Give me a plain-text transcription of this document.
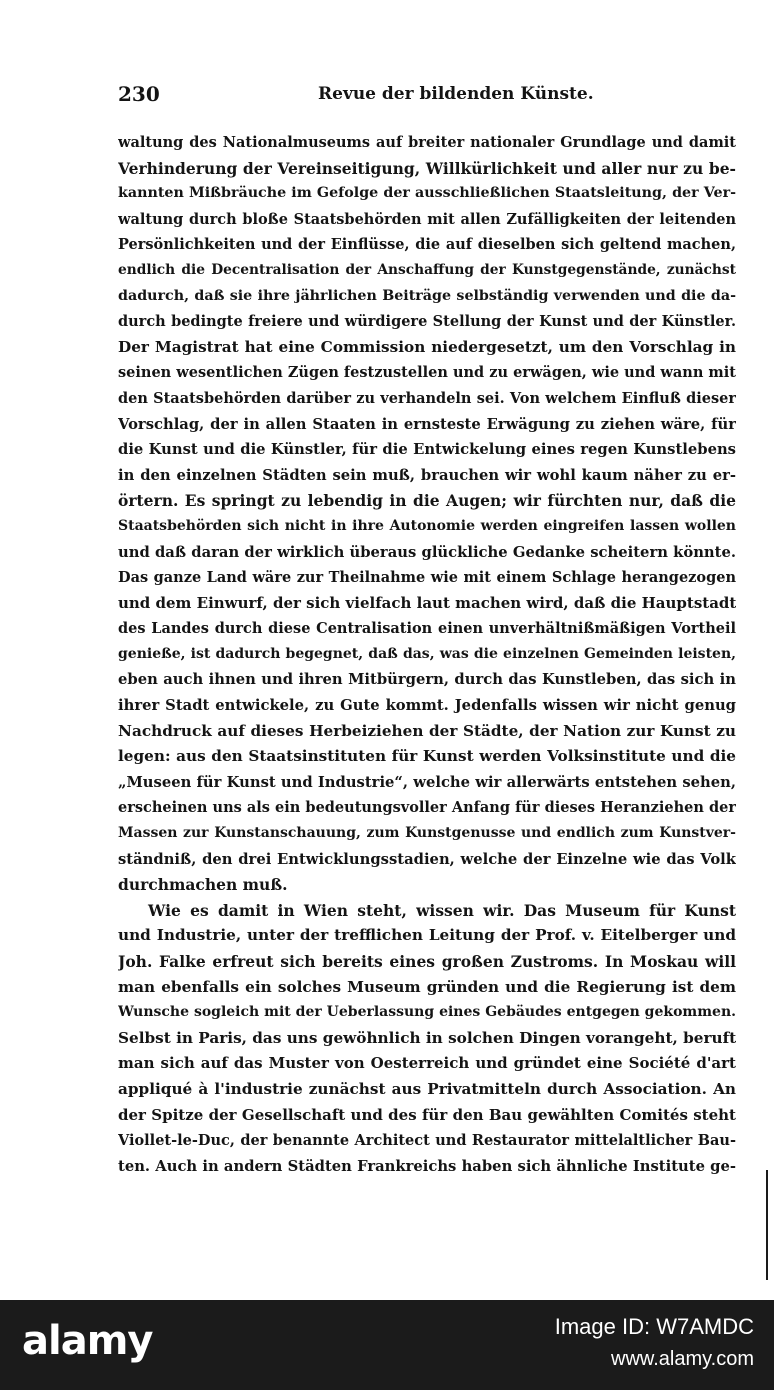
230	Revue der bildenden Künste.
waltung des Nationalmuseums auf breiter nationaler Grundlage und damit
Verhinderung der Vereinseitigung, Willkürlichkeit und aller nur zu be-
kannten Mißbräuche im Gefolge der ausschließlichen Staatsleitung, der Ver-
waltung durch bloße Staatsbehörden mit allen Zufälligkeiten der leitenden
Persönlichkeiten und der Einflüsse, die auf dieselben sich geltend machen,
endlich die Decentralisation der Anschaffung der Kunstgegenstände, zunächst
dadurch, daß sie ihre jährlichen Beiträge selbständig verwenden und die da-
durch bedingte freiere und würdigere Stellung der Kunst und der Künstler.
Der Magistrat hat eine Commission niedergesetzt, um den Vorschlag in
seinen wesentlichen Zügen festzustellen und zu erwägen, wie und wann mit
den Staatsbehörden darüber zu verhandeln sei. Von welchem Einfluß dieser
Vorschlag, der in allen Staaten in ernsteste Erwägung zu ziehen wäre, für
die Kunst und die Künstler, für die Entwickelung eines regen Kunstlebens
in den einzelnen Städten sein muß, brauchen wir wohl kaum näher zu er-
örtern. Es springt zu lebendig in die Augen; wir fürchten nur, daß die
Staatsbehörden sich nicht in ihre Autonomie werden eingreifen lassen wollen
und daß daran der wirklich überaus glückliche Gedanke scheitern könnte.
Das ganze Land wäre zur Theilnahme wie mit einem Schlage herangezogen
und dem Einwurf, der sich vielfach laut machen wird, daß die Hauptstadt
des Landes durch diese Centralisation einen unverhältnißmäßigen Vortheil
genieße, ist dadurch begegnet, daß das, was die einzelnen Gemeinden leisten,
eben auch ihnen und ihren Mitbürgern, durch das Kunstleben, das sich in
ihrer Stadt entwickele, zu Gute kommt. Jedenfalls wissen wir nicht genug
Nachdruck auf dieses Herbeiziehen der Städte, der Nation zur Kunst zu
legen: aus den Staatsinstituten für Kunst werden Volksinstitute und die
„Museen für Kunst und Industrie“, welche wir allerwärts entstehen sehen,
erscheinen uns als ein bedeutungsvoller Anfang für dieses Heranziehen der
Massen zur Kunstanschauung, zum Kunstgenusse und endlich zum Kunstver-
ständniß, den drei Entwicklungsstadien, welche der Einzelne wie das Volk
durchmachen muß.
Wie es damit in Wien steht, wissen wir. Das Museum für Kunst
und Industrie, unter der trefflichen Leitung der Prof. v. Eitelberger und
Joh. Falke erfreut sich bereits eines großen Zustroms. In Moskau will
man ebenfalls ein solches Museum gründen und die Regierung ist dem
Wunsche sogleich mit der Ueberlassung eines Gebäudes entgegen gekommen.
Selbst in Paris, das uns gewöhnlich in solchen Dingen vorangeht, beruft
man sich auf das Muster von Oesterreich und gründet eine Société d'art
appliqué à l'industrie zunächst aus Privatmitteln durch Association. An
der Spitze der Gesellschaft und des für den Bau gewählten Comités steht
Viollet-le-Duc, der benannte Architect und Restaurator mittelaltlicher Bau-
ten. Auch in andern Städten Frankreichs haben sich ähnliche Institute ge-
alamy	Image ID: W7AMDC
www.alamy.com
